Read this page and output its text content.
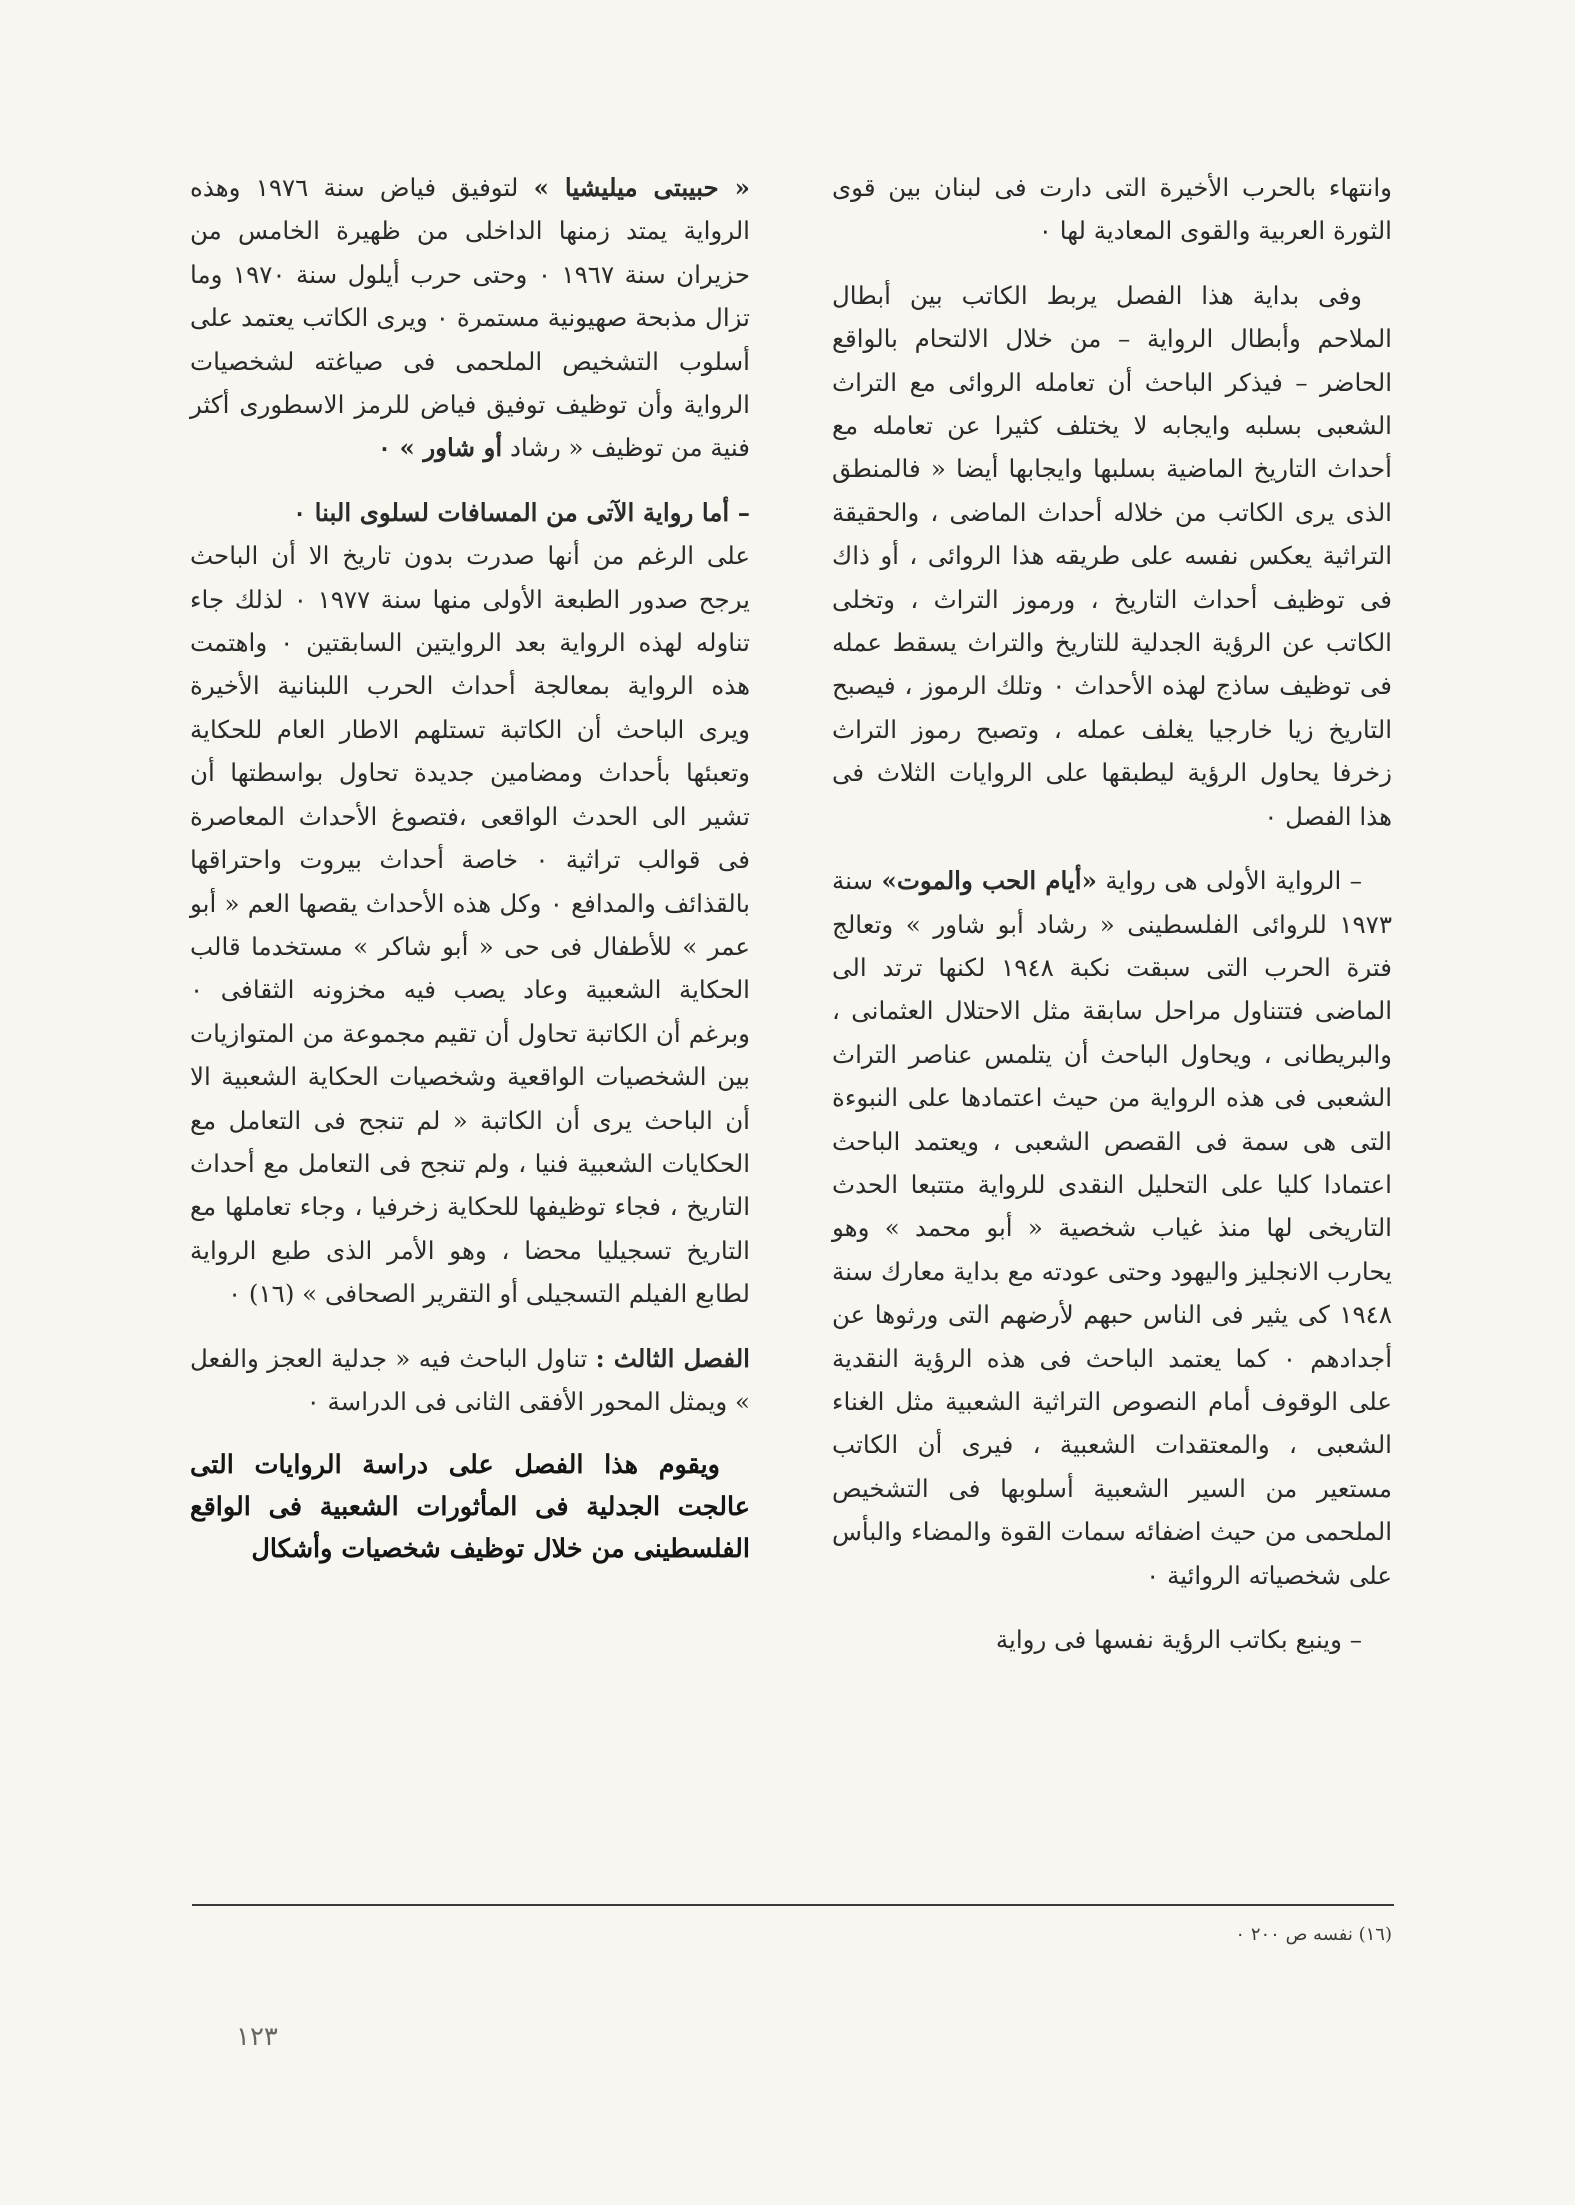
وانتهاء بالحرب الأخيرة التى دارت فى لبنان بين قوى الثورة العربية والقوى المعادية لها ٠

وفى بداية هذا الفصل يربط الكاتب بين أبطال الملاحم وأبطال الرواية – من خلال الالتحام بالواقع الحاضر – فيذكر الباحث أن تعامله الروائى مع التراث الشعبى بسلبه وايجابه لا يختلف كثيرا عن تعامله مع أحداث التاريخ الماضية بسلبها وايجابها أيضا « فالمنطق الذى يرى الكاتب من خلاله أحداث الماضى ، والحقيقة التراثية يعكس نفسه على طريقه هذا الروائى ، أو ذاك فى توظيف أحداث التاريخ ، ورموز التراث ، وتخلى الكاتب عن الرؤية الجدلية للتاريخ والتراث يسقط عمله فى توظيف ساذج لهذه الأحداث ٠ وتلك الرموز ، فيصبح التاريخ زيا خارجيا يغلف عمله ، وتصبح رموز التراث زخرفا يحاول الرؤية ليطبقها على الروايات الثلاث فى هذا الفصل ٠

– الرواية الأولى هى رواية «أيام الحب والموت» سنة ١٩٧٣ للروائى الفلسطينى « رشاد أبو شاور » وتعالج فترة الحرب التى سبقت نكبة ١٩٤٨ لكنها ترتد الى الماضى فتتناول مراحل سابقة مثل الاحتلال العثمانى ، والبريطانى ، ويحاول الباحث أن يتلمس عناصر التراث الشعبى فى هذه الرواية من حيث اعتمادها على النبوءة التى هى سمة فى القصص الشعبى ، ويعتمد الباحث اعتمادا كليا على التحليل النقدى للرواية متتبعا الحدث التاريخى لها منذ غياب شخصية « أبو محمد » وهو يحارب الانجليز واليهود وحتى عودته مع بداية معارك سنة ١٩٤٨ كى يثير فى الناس حبهم لأرضهم التى ورثوها عن أجدادهم ٠ كما يعتمد الباحث فى هذه الرؤية النقدية على الوقوف أمام النصوص التراثية الشعبية مثل الغناء الشعبى ، والمعتقدات الشعبية ، فيرى أن الكاتب مستعير من السير الشعبية أسلوبها فى التشخيص الملحمى من حيث اضفائه سمات القوة والمضاء والبأس على شخصياته الروائية ٠

– وينبع بكاتب الرؤية نفسها فى رواية

« حبيبتى ميليشيا » لتوفيق فياض سنة ١٩٧٦ وهذه الرواية يمتد زمنها الداخلى من ظهيرة الخامس من حزيران سنة ١٩٦٧ ٠ وحتى حرب أيلول سنة ١٩٧٠ وما تزال مذبحة صهيونية مستمرة ٠ ويرى الكاتب يعتمد على أسلوب التشخيص الملحمى فى صياغته لشخصيات الرواية وأن توظيف توفيق فياض للرمز الاسطورى أكثر فنية من توظيف « رشاد أو شاور » ٠

– أما رواية الآتى من المسافات لسلوى البنا ٠
على الرغم من أنها صدرت بدون تاريخ الا أن الباحث يرجح صدور الطبعة الأولى منها سنة ١٩٧٧ ٠ لذلك جاء تناوله لهذه الرواية بعد الروايتين السابقتين ٠ واهتمت هذه الرواية بمعالجة أحداث الحرب اللبنانية الأخيرة ويرى الباحث أن الكاتبة تستلهم الاطار العام للحكاية وتعبئها بأحداث ومضامين جديدة تحاول بواسطتها أن تشير الى الحدث الواقعى ،فتصوغ الأحداث المعاصرة فى قوالب تراثية ٠ خاصة أحداث بيروت واحتراقها بالقذائف والمدافع ٠ وكل هذه الأحداث يقصها العم « أبو عمر » للأطفال فى حى « أبو شاكر » مستخدما قالب الحكاية الشعبية وعاد يصب فيه مخزونه الثقافى ٠ وبرغم أن الكاتبة تحاول أن تقيم مجموعة من المتوازيات بين الشخصيات الواقعية وشخصيات الحكاية الشعبية الا أن الباحث يرى أن الكاتبة « لم تنجح فى التعامل مع الحكايات الشعبية فنيا ، ولم تنجح فى التعامل مع أحداث التاريخ ، فجاء توظيفها للحكاية زخرفيا ، وجاء تعاملها مع التاريخ تسجيليا محضا ، وهو الأمر الذى طبع الرواية لطابع الفيلم التسجيلى أو التقرير الصحافى » (١٦) ٠

الفصل الثالث : تناول الباحث فيه « جدلية العجز والفعل » ويمثل المحور الأفقى الثانى فى الدراسة ٠

ويقوم هذا الفصل على دراسة الروايات التى عالجت الجدلية فى المأثورات الشعبية فى الواقع الفلسطينى من خلال توظيف شخصيات وأشكال

(١٦) نفسه ص ٢٠٠ ٠
١٢٣
